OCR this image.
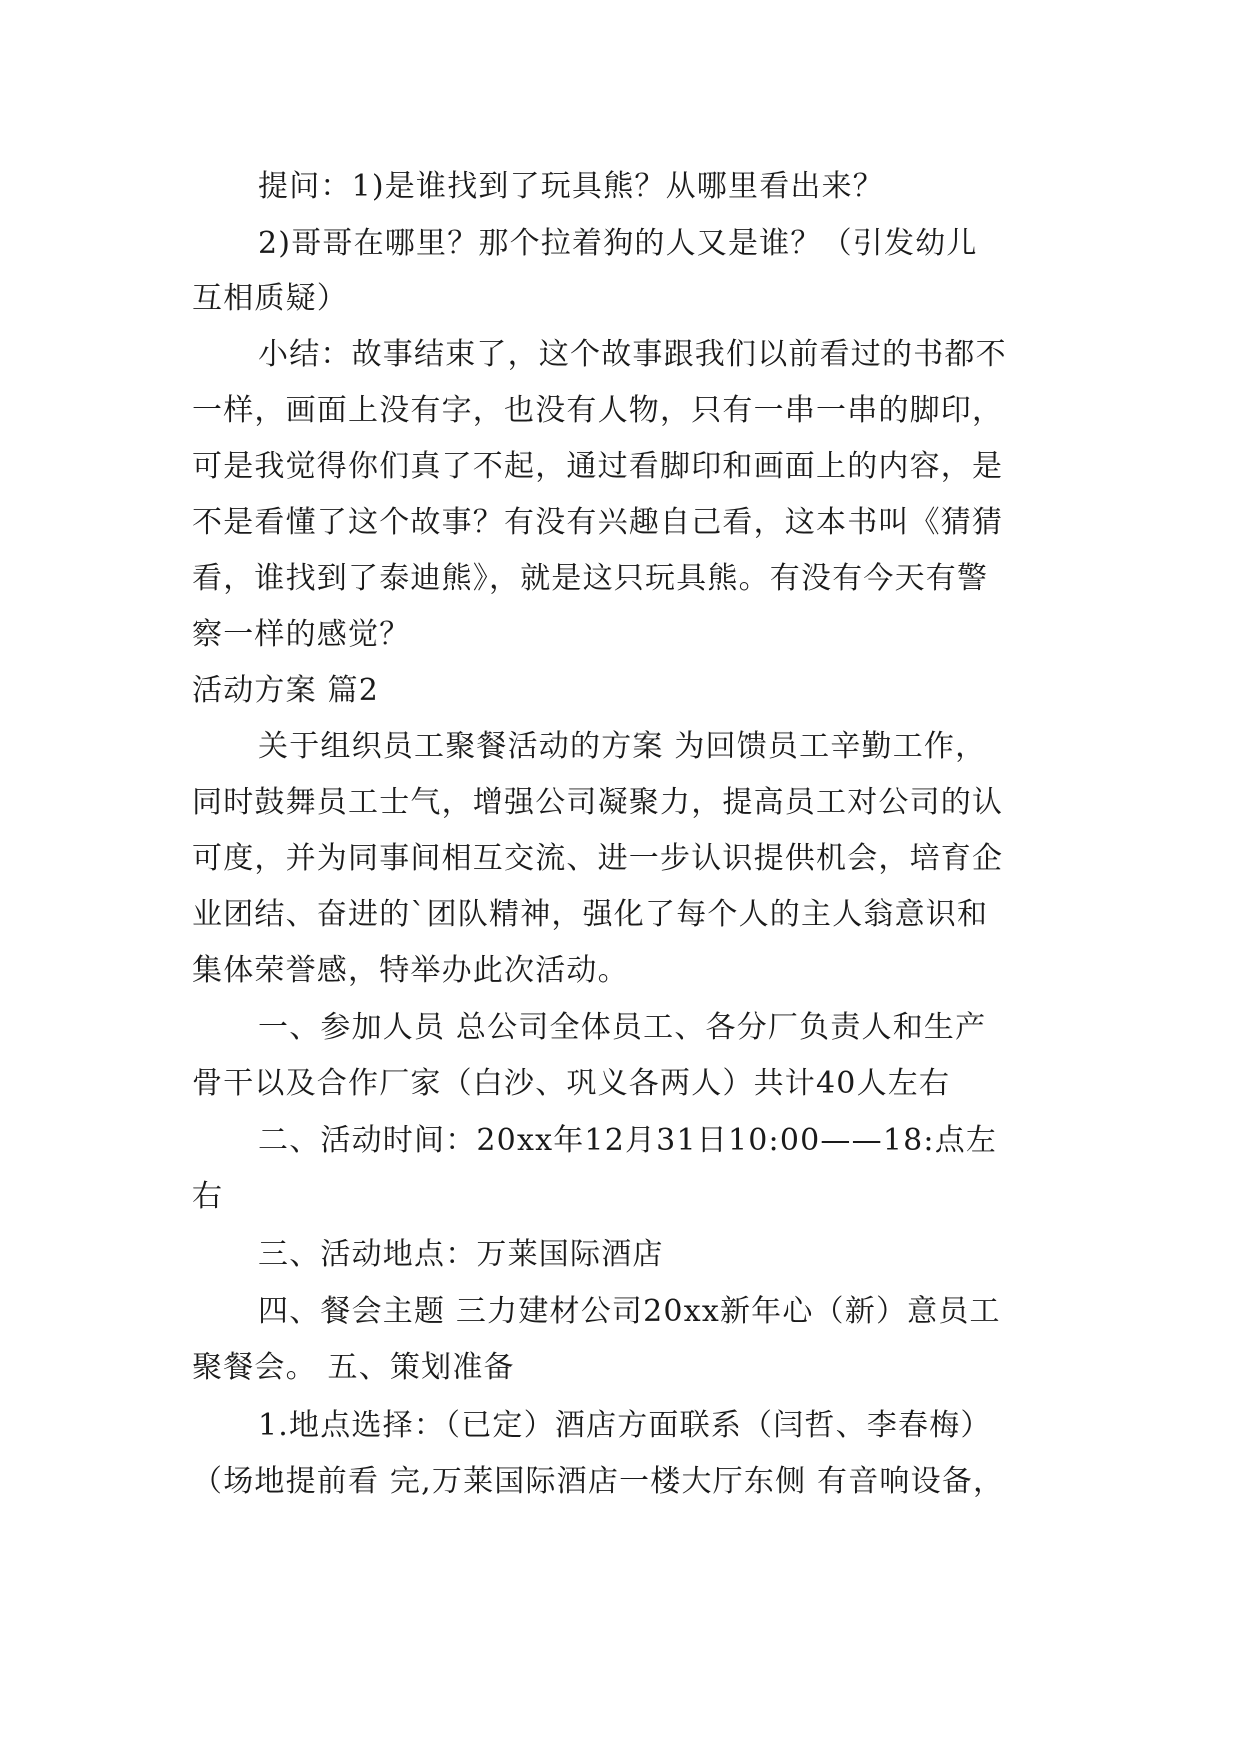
提问：1)是谁找到了玩具熊？从哪里看出来？
2)哥哥在哪里？那个拉着狗的人又是谁？（引发幼儿
互相质疑）
小结：故事结束了，这个故事跟我们以前看过的书都不
一样，画面上没有字，也没有人物，只有一串一串的脚印，
可是我觉得你们真了不起，通过看脚印和画面上的内容，是
不是看懂了这个故事？有没有兴趣自己看，这本书叫《猜猜
看，谁找到了泰迪熊》，就是这只玩具熊。有没有今天有警
察一样的感觉？
活动方案 篇2
关于组织员工聚餐活动的方案 为回馈员工辛勤工作，
同时鼓舞员工士气，增强公司凝聚力，提高员工对公司的认
可度，并为同事间相互交流、进一步认识提供机会，培育企
业团结、奋进的`团队精神，强化了每个人的主人翁意识和
集体荣誉感，特举办此次活动。
一、参加人员 总公司全体员工、各分厂负责人和生产
骨干以及合作厂家（白沙、巩义各两人）共计40人左右
二、活动时间：20xx年12月31日10:00——18:点左
右
三、活动地点：万莱国际酒店
四、餐会主题 三力建材公司20xx新年心（新）意员工
聚餐会。 五、策划准备
1.地点选择：（已定）酒店方面联系（闫哲、李春梅）
（场地提前看 完,万莱国际酒店一楼大厅东侧 有音响设备，
